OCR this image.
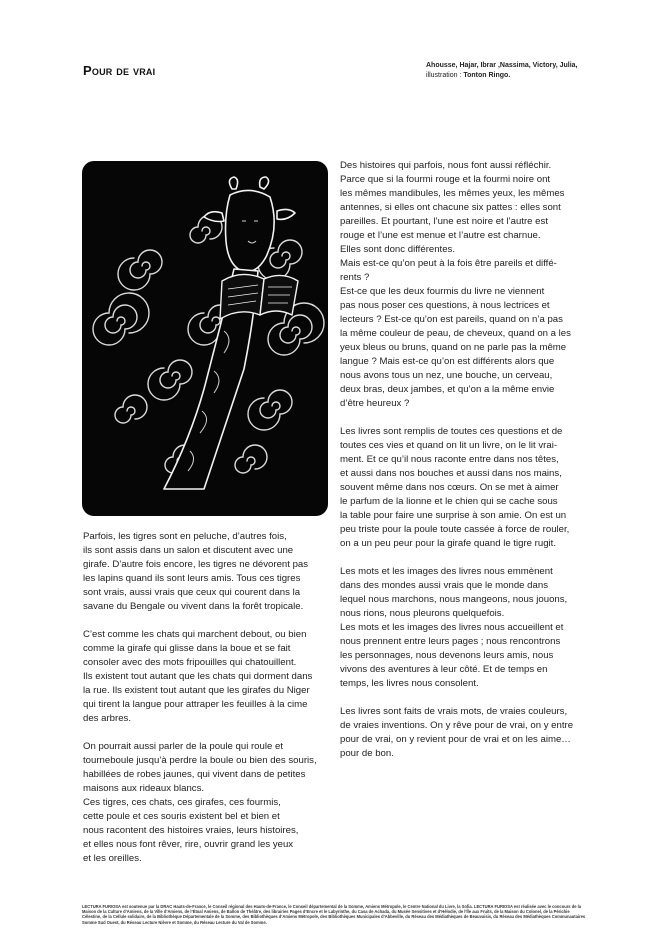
Pour de vrai	Ahousse, Hajar, Ibrar ,Nassima, Victory, Julia,
illustration : Tonton Ringo.

Parfois, les tigres sont en peluche, d’autres fois,
ils sont assis dans un salon et discutent avec une
girafe. D’autre fois encore, les tigres ne dévorent pas
les lapins quand ils sont leurs amis. Tous ces tigres
sont vrais, aussi vrais que ceux qui courent dans la
savane du Bengale ou vivent dans la forêt tropicale.

C’est comme les chats qui marchent debout, ou bien
comme la girafe qui glisse dans la boue et se fait
consoler avec des mots fripouilles qui chatouillent.
Ils existent tout autant que les chats qui dorment dans
la rue. Ils existent tout autant que les girafes du Niger
qui tirent la langue pour attraper les feuilles à la cime
des arbres.

On pourrait aussi parler de la poule qui roule et
tourneboule jusqu’à perdre la boule ou bien des souris,
habillées de robes jaunes, qui vivent dans de petites
maisons aux rideaux blancs.
Ces tigres, ces chats, ces girafes, ces fourmis,
cette poule et ces souris existent bel et bien et
nous racontent des histoires vraies, leurs histoires,
et elles nous font rêver, rire, ouvrir grand les yeux
et les oreilles.

Des histoires qui parfois, nous font aussi réfléchir.
Parce que si la fourmi rouge et la fourmi noire ont
les mêmes mandibules, les mêmes yeux, les mêmes
antennes, si elles ont chacune six pattes : elles sont
pareilles. Et pourtant, l’une est noire et l’autre est
rouge et l’une est menue et l’autre est charnue.
Elles sont donc différentes.
Mais est-ce qu’on peut à la fois être pareils et diffé-
rents ?
Est-ce que les deux fourmis du livre ne viennent
pas nous poser ces questions, à nous lectrices et
lecteurs ? Est-ce qu’on est pareils, quand on n’a pas
la même couleur de peau, de cheveux, quand on a les
yeux bleus ou bruns, quand on ne parle pas la même
langue ? Mais est-ce qu’on est différents alors que
nous avons tous un nez, une bouche, un cerveau,
deux bras, deux jambes, et qu’on a la même envie
d’être heureux ?

Les livres sont remplis de toutes ces questions et de
toutes ces vies et quand on lit un livre, on le lit vrai-
ment. Et ce qu’il nous raconte entre dans nos têtes,
et aussi dans nos bouches et aussi dans nos mains,
souvent même dans nos cœurs. On se met à aimer
le parfum de la lionne et le chien qui se cache sous
la table pour faire une surprise à son amie. On est un
peu triste pour la poule toute cassée à force de rouler,
on a un peu peur pour la girafe quand le tigre rugit.

Les mots et les images des livres nous emmènent
dans des mondes aussi vrais que le monde dans
lequel nous marchons, nous mangeons, nous jouons,
nous rions, nous pleurons quelquefois.
Les mots et les images des livres nous accueillent et
nous prennent entre leurs pages ; nous rencontrons
les personnages, nous devenons leurs amis, nous
vivons des aventures à leur côté. Et de temps en
temps, les livres nous consolent.

Les livres sont faits de vrais mots, de vraies couleurs,
de vraies inventions. On y rêve pour de vrai, on y entre
pour de vrai, on y revient pour de vrai et on les aime…
pour de bon.

LECTURA FURIOSA est soutenue par la DRAC Hauts-de-France, le Conseil régional des Hauts-de-France, le Conseil départemental de la Somme, Amiens Métropole, le Centre National du Livre, la Sofia. LECTURA FURIOSA est réalisée avec le concours de la Maison de la Culture d’Amiens, de la Ville d’Amiens, de l’Étoal Amiens, de Ballon de Théâtre, des librairies Pages d’Encre et le Labyrinthe, du Casa de Achada, du Musée Sensitives et d’Hélodie, de l’Île aux Fruits, de la Maison du Colonel, de la Périchie Célestine, de la Cellule solidaire, de la Bibliothèque Départementale de la Somme, des Bibliothèques d’Amiens Métropole, des Bibliothèques Municipales d’Abbeville, du Réseau des Médiathèques de Beauvaisis, du Réseau des Médiathèques Communautaires Somme Sud Ouest, du Réseau Lecture Nièvre et Somme, du Réseau Lecture du Val de Somme.
